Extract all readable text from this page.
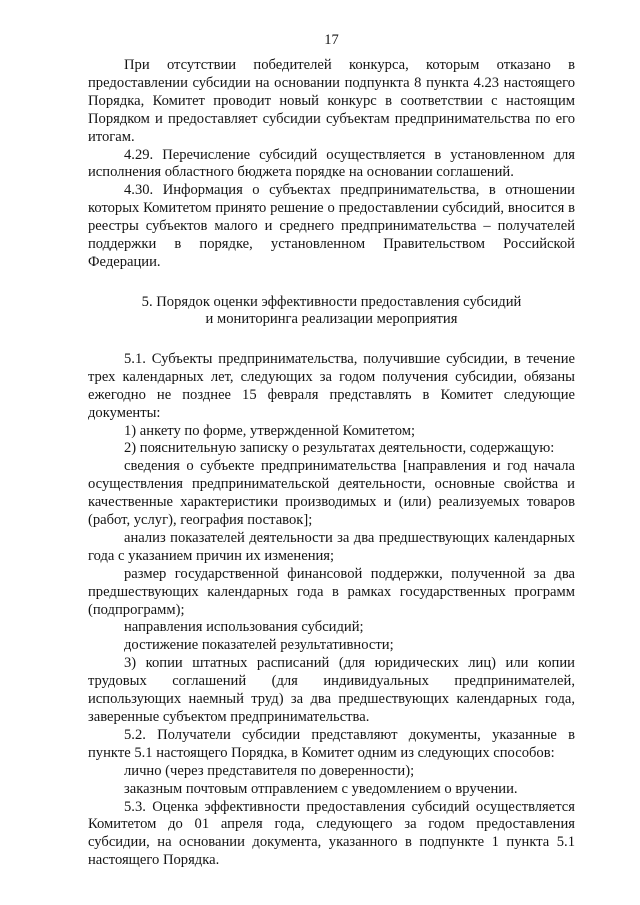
17

При отсутствии победителей конкурса, которым отказано в предоставлении субсидии на основании подпункта 8 пункта 4.23 настоящего Порядка, Комитет проводит новый конкурс в соответствии с настоящим Порядком и предоставляет субсидии субъектам предпринимательства по его итогам.

4.29. Перечисление субсидий осуществляется в установленном для исполнения областного бюджета порядке на основании соглашений.

4.30. Информация о субъектах предпринимательства, в отношении которых Комитетом принято решение о предоставлении субсидий, вносится в реестры субъектов малого и среднего предпринимательства – получателей поддержки в порядке, установленном Правительством Российской Федерации.

5. Порядок оценки эффективности предоставления субсидий
и мониторинга реализации мероприятия

5.1. Субъекты предпринимательства, получившие субсидии, в течение трех календарных лет, следующих за годом получения субсидии, обязаны ежегодно не позднее 15 февраля представлять в Комитет следующие документы:

1) анкету по форме, утвержденной Комитетом;

2) пояснительную записку о результатах деятельности, содержащую:

сведения о субъекте предпринимательства [направления и год начала осуществления предпринимательской деятельности, основные свойства и качественные характеристики производимых и (или) реализуемых товаров (работ, услуг), география поставок];

анализ показателей деятельности за два предшествующих календарных года с указанием причин их изменения;

размер государственной финансовой поддержки, полученной за два предшествующих календарных года в рамках государственных программ (подпрограмм);

направления использования субсидий;

достижение показателей результативности;

3) копии штатных расписаний (для юридических лиц) или копии трудовых соглашений (для индивидуальных предпринимателей, использующих наемный труд) за два предшествующих календарных года, заверенные субъектом предпринимательства.

5.2. Получатели субсидии представляют документы, указанные в пункте 5.1 настоящего Порядка, в Комитет одним из следующих способов:

лично (через представителя по доверенности);

заказным почтовым отправлением с уведомлением о вручении.

5.3. Оценка эффективности предоставления субсидий осуществляется Комитетом до 01 апреля года, следующего за годом предоставления субсидии, на основании документа, указанного в подпункте 1 пункта 5.1 настоящего Порядка.
